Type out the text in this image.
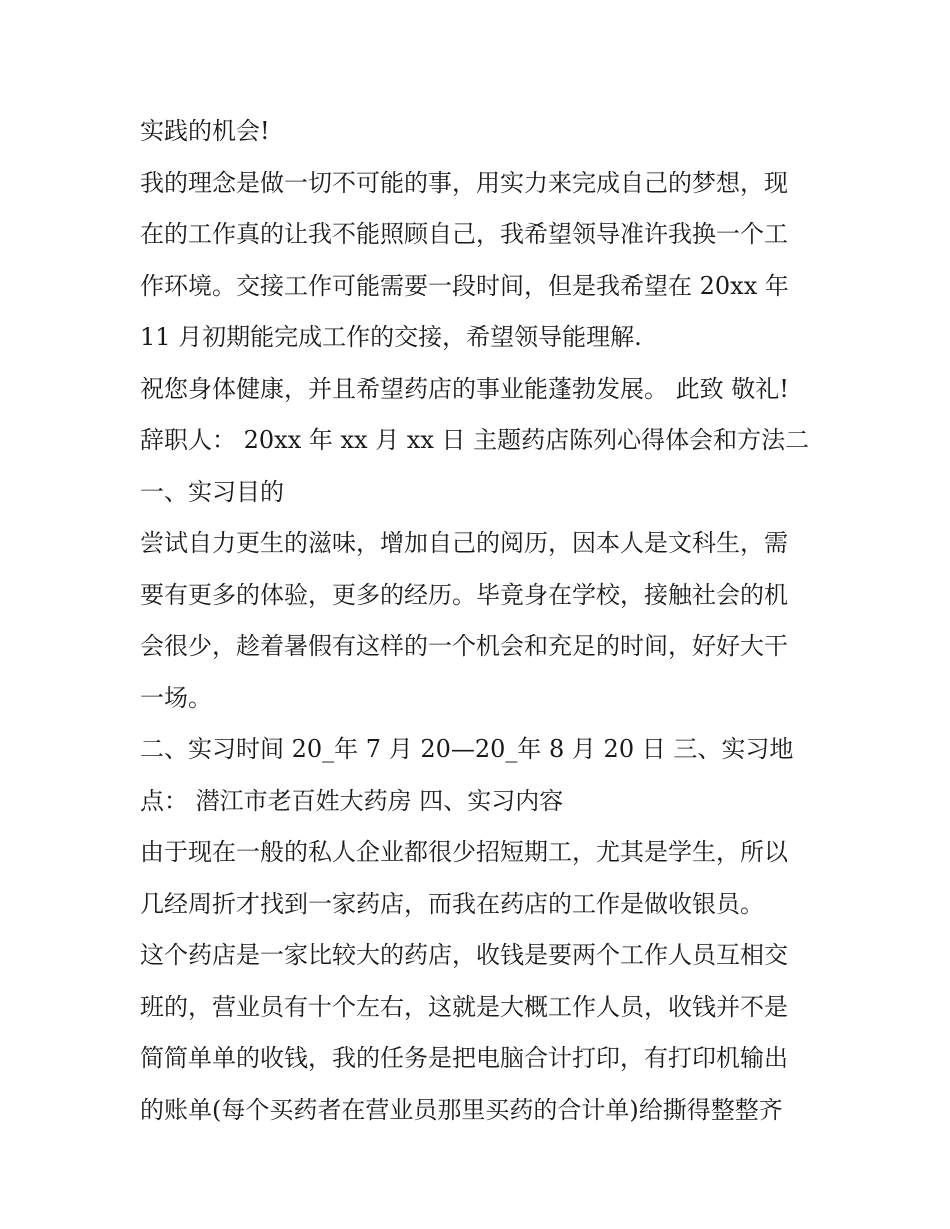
实践的机会!
我的理念是做一切不可能的事，用实力来完成自己的梦想，现
在的工作真的让我不能照顾自己，我希望领导准许我换一个工
作环境。交接工作可能需要一段时间，但是我希望在 20xx 年
11 月初期能完成工作的交接，希望领导能理解.
祝您身体健康，并且希望药店的事业能蓬勃发展。 此致 敬礼!
辞职人： 20xx 年 xx 月 xx 日 主题药店陈列心得体会和方法二
一、实习目的
尝试自力更生的滋味，增加自己的阅历，因本人是文科生，需
要有更多的体验，更多的经历。毕竟身在学校，接触社会的机
会很少，趁着暑假有这样的一个机会和充足的时间，好好大干
一场。
二、实习时间 20_年 7 月 20—20_年 8 月 20 日 三、实习地
点： 潜江市老百姓大药房 四、实习内容
由于现在一般的私人企业都很少招短期工，尤其是学生，所以
几经周折才找到一家药店，而我在药店的工作是做收银员。
这个药店是一家比较大的药店，收钱是要两个工作人员互相交
班的，营业员有十个左右，这就是大概工作人员，收钱并不是
简简单单的收钱，我的任务是把电脑合计打印，有打印机输出
的账单(每个买药者在营业员那里买药的合计单)给撕得整整齐
